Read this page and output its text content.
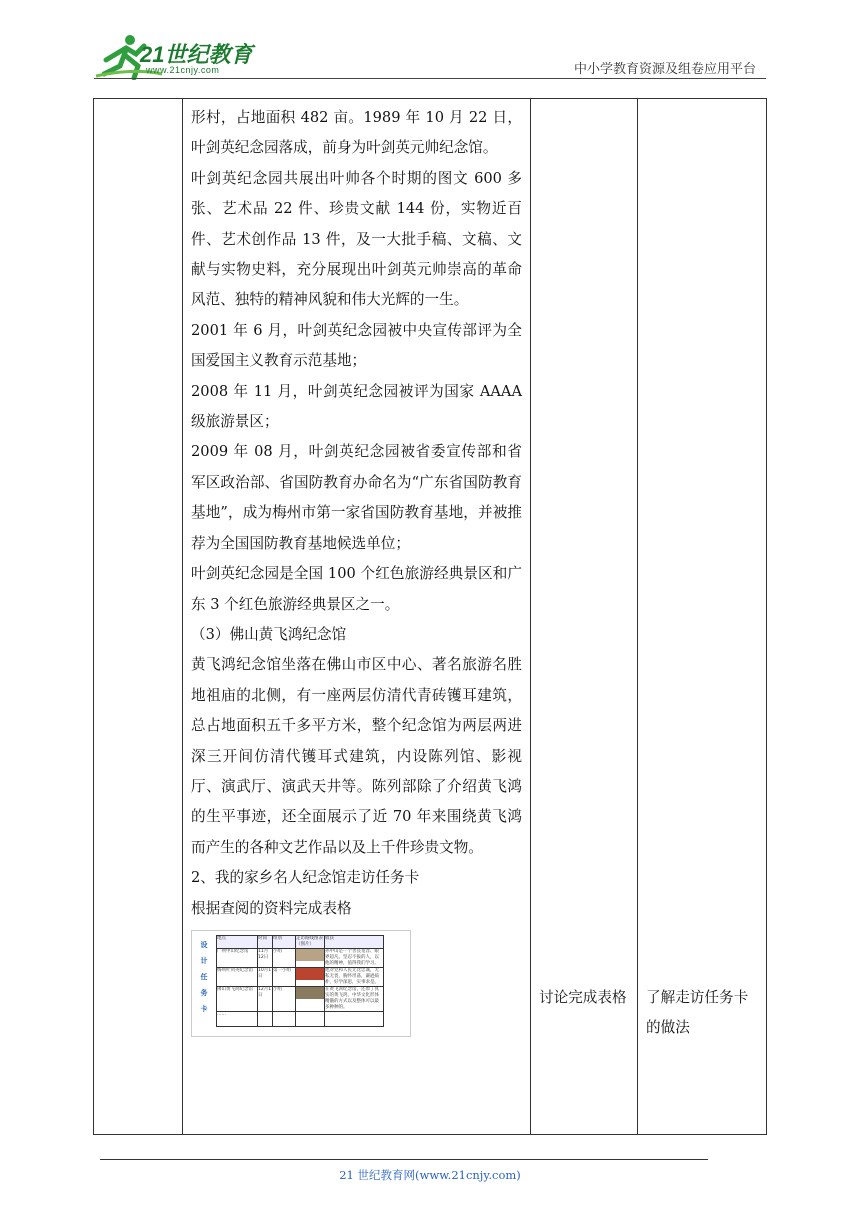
21世纪教育
www.21cnjy.com	中小学教育资源及组卷应用平台

形村，占地面积 482 亩。1989 年 10 月 22 日，叶剑英纪念园落成，前身为叶剑英元帅纪念馆。

叶剑英纪念园共展出叶帅各个时期的图文 600 多张、艺术品 22 件、珍贵文献 144 份，实物近百件、艺术创作品 13 件，及一大批手稿、文稿、文献与实物史料，充分展现出叶剑英元帅崇高的革命风范、独特的精神风貌和伟大光辉的一生。

2001 年 6 月，叶剑英纪念园被中央宣传部评为全国爱国主义教育示范基地；

2008 年 11 月，叶剑英纪念园被评为国家 AAAA 级旅游景区；

2009 年 08 月，叶剑英纪念园被省委宣传部和省军区政治部、省国防教育办命名为“广东省国防教育基地”，成为梅州市第一家省国防教育基地，并被推荐为全国国防教育基地候选单位；

叶剑英纪念园是全国 100 个红色旅游经典景区和广东 3 个红色旅游经典景区之一。

（3）佛山黄飞鸿纪念馆

黄飞鸿纪念馆坐落在佛山市区中心、著名旅游名胜地祖庙的北侧，有一座两层仿清代青砖镬耳建筑，总占地面积五千多平方米，整个纪念馆为两层两进深三开间仿清代镬耳式建筑，内设陈列馆、影视厅、演武厅、演武天井等。陈列部除了介绍黄飞鸿的生平事迹，还全面展示了近 70 年来围绕黄飞鸿而产生的各种文艺作品以及上千件珍贵文物。

2、我的家乡名人纪念馆走访任务卡

根据查阅的资料完成表格

设
计
任
务
卡
地点	时间	组别	走访路线图表（图片）	收获
广州中山纪念馆	11月12日	小组		孙中山是一个善良宽容、眼界超凡、坚忍不拔的人，以他的精神，值得我们学习。
梅州叶剑英纪念馆	10月1日	第一小组		他对党和人民无比忠诚，无私无畏，胸怀坦荡，谦逊质朴，好学深思，实事求是。
佛山黄飞鸿纪念馆	12月1日	小组		在黄飞鸿纪念馆，还原了真实的黄飞鸿，中华文化形体精髓的方式以及整体可以最多种种的。
……				

讨论完成表格	了解走访任务卡的做法
21 世纪教育网(www.21cnjy.com)
